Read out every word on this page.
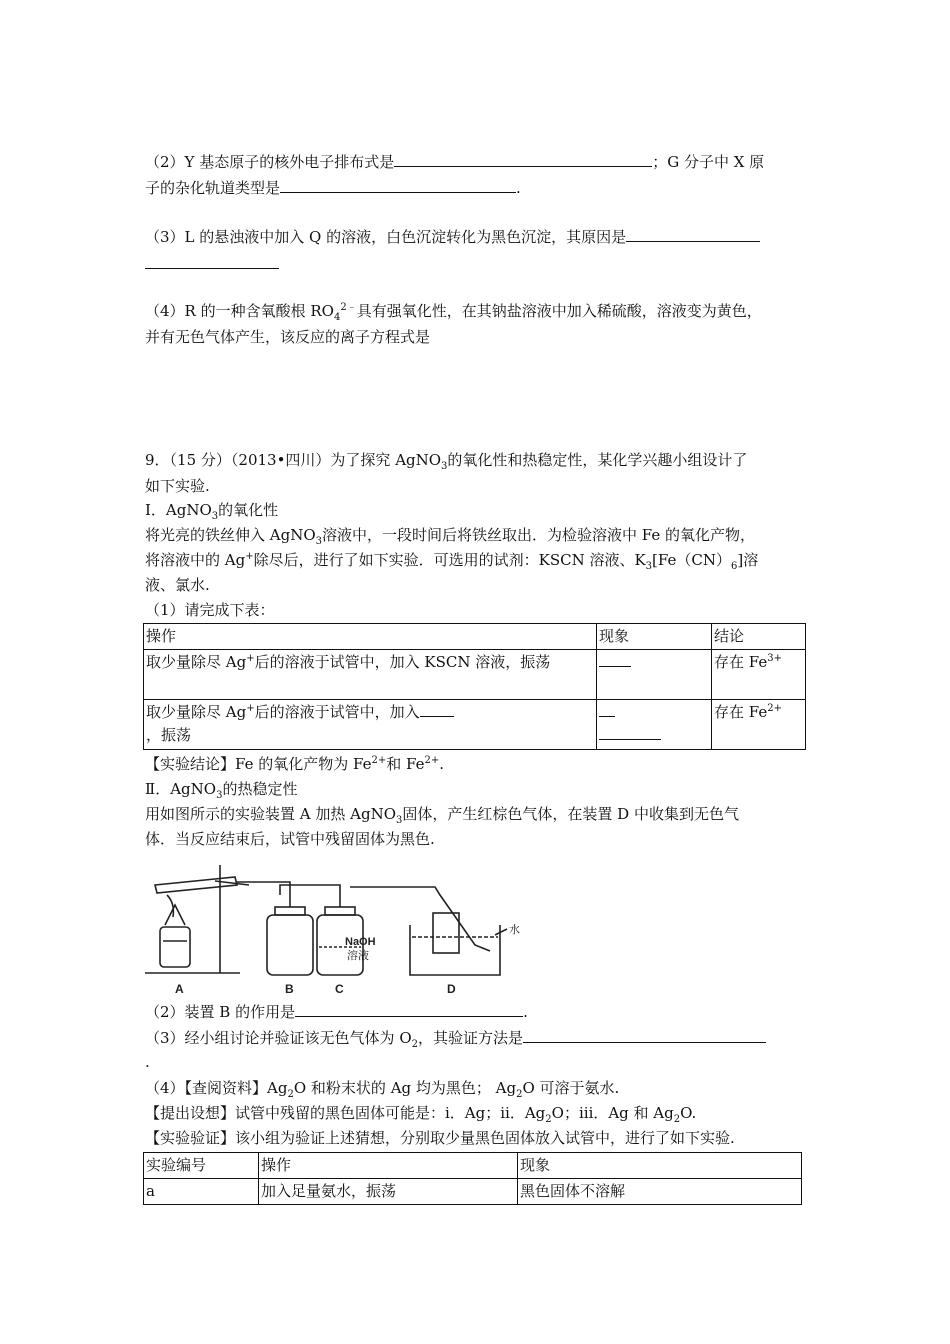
（2）Y 基态原子的核外电子排布式是	；G 分子中 X 原
子的杂化轨道类型是	.
（3）L 的悬浊液中加入 Q 的溶液，白色沉淀转化为黑色沉淀，其原因是
（4）R 的一种含氧酸根 $RO_4^{2﹣}$具有强氧化性，在其钠盐溶液中加入稀硫酸，溶液变为黄色，
并有无色气体产生，该反应的离子方程式是
9．（15 分）（2013•四川）为了探究 AgNO$_3$的氧化性和热稳定性，某化学兴趣小组设计了
如下实验.
I．AgNO$_3$的氧化性
将光亮的铁丝伸入 AgNO$_3$溶液中，一段时间后将铁丝取出．为检验溶液中 Fe 的氧化产物，
将溶液中的 Ag+除尽后，进行了如下实验．可选用的试剂：KSCN 溶液、$K_3[Fe(CN)_6]$溶
液、氯水.
（1）请完成下表：
操作	现象	结论
取少量除尽 Ag+后的溶液于试管中，加入 KSCN 溶液，振荡		存在 $Fe^{3+}$
取少量除尽 Ag+后的溶液于试管中，加入
，振荡		存在 $Fe^{2+}$
【实验结论】Fe 的氧化产物为 $Fe^{2+}$和 $Fe^{2+}$.
Ⅱ．AgNO$_3$的热稳定性
用如图所示的实验装置 A 加热 AgNO$_3$固体，产生红棕色气体，在装置 D 中收集到无色气
体．当反应结束后，试管中残留固体为黑色.
NaOH
溶液
水
A	B	C	D
（2）装置 B 的作用是	.
（3）经小组讨论并验证该无色气体为 $O_2$，其验证方法是
.
（4）【查阅资料】$Ag_2O$ 和粉末状的 Ag 均为黑色； $Ag_2O$ 可溶于氨水.
【提出设想】试管中残留的黑色固体可能是：ⅰ．Ag；ⅱ．$Ag_2O$；ⅲ．Ag 和 $Ag_2O$.
【实验验证】该小组为验证上述猜想，分别取少量黑色固体放入试管中，进行了如下实验.
实验编号	操作	现象
a	加入足量氨水，振荡	黑色固体不溶解
